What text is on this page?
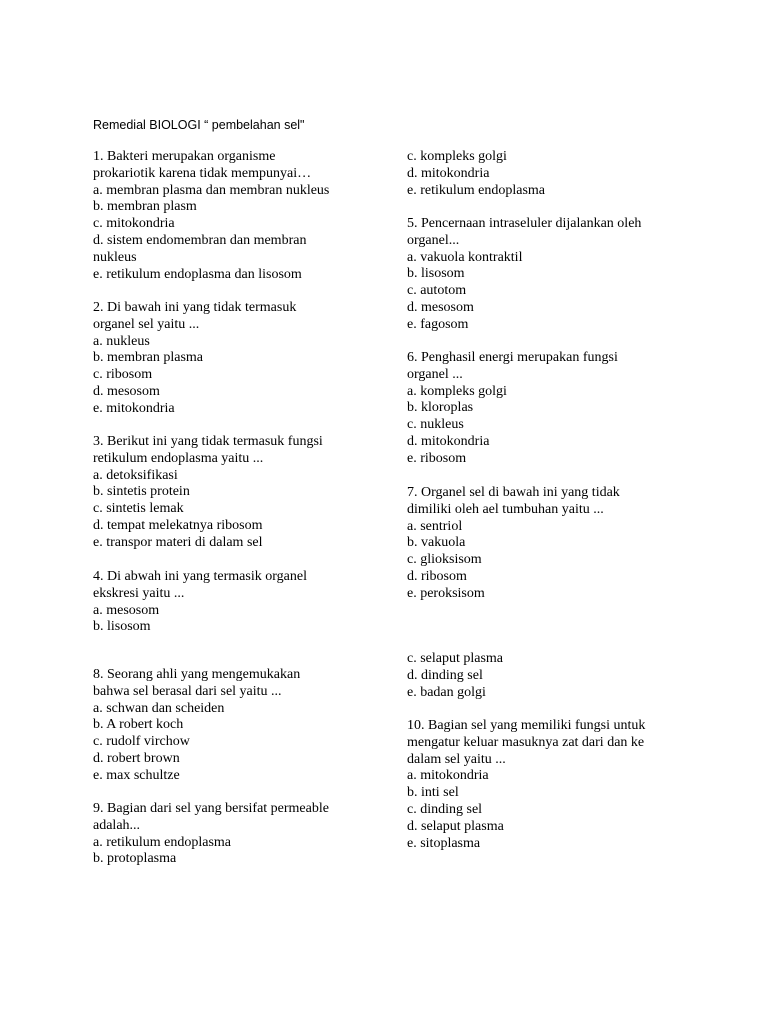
Remedial BIOLOGI “ pembelahan sel"
1. Bakteri merupakan organisme
prokariotik karena tidak mempunyai…
a. membran plasma dan membran nukleus
b. membran plasm
c. mitokondria
d. sistem endomembran dan membran
nukleus
e. retikulum endoplasma dan lisosom
2. Di bawah ini yang tidak termasuk
organel sel yaitu ...
a. nukleus
b. membran plasma
c. ribosom
d. mesosom
e. mitokondria
3. Berikut ini yang tidak termasuk fungsi
retikulum endoplasma yaitu ...
a. detoksifikasi
b. sintetis protein
c. sintetis lemak
d. tempat melekatnya ribosom
e. transpor materi di dalam sel
4. Di abwah ini yang termasik organel
ekskresi yaitu ...
a. mesosom
b. lisosom
c. kompleks golgi
d. mitokondria
e. retikulum endoplasma
5. Pencernaan intraseluler dijalankan oleh
organel...
a. vakuola kontraktil
b. lisosom
c. autotom
d. mesosom
e. fagosom
6. Penghasil energi merupakan fungsi
organel ...
a. kompleks golgi
b. kloroplas
c. nukleus
d. mitokondria
e. ribosom
7. Organel sel di bawah ini yang tidak
dimiliki oleh ael tumbuhan yaitu ...
a. sentriol
b. vakuola
c. glioksisom
d. ribosom
e. peroksisom
8. Seorang ahli yang mengemukakan
bahwa sel berasal dari sel yaitu ...
a. schwan dan scheiden
b. A robert koch
c. rudolf virchow
d. robert brown
e. max schultze
9. Bagian dari sel yang bersifat permeable
adalah...
a. retikulum endoplasma
b. protoplasma
c. selaput plasma
d. dinding sel
e. badan golgi
10. Bagian sel yang memiliki fungsi untuk
mengatur keluar masuknya zat dari dan ke
dalam sel yaitu ...
a. mitokondria
b. inti sel
c. dinding sel
d. selaput plasma
e. sitoplasma
